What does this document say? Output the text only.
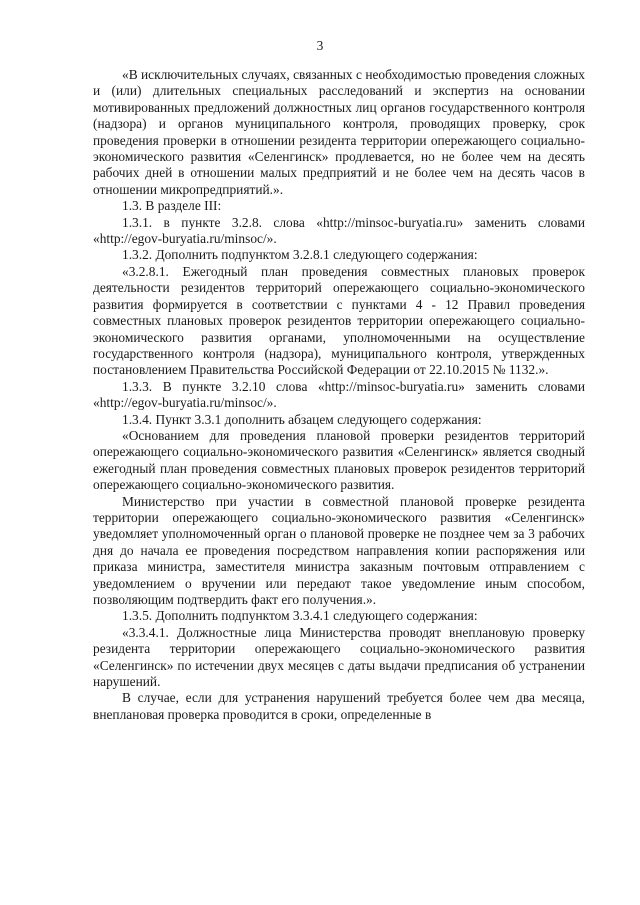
3

«В исключительных случаях, связанных с необходимостью проведения сложных и (или) длительных специальных расследований и экспертиз на основании мотивированных предложений должностных лиц органов государственного контроля (надзора) и органов муниципального контроля, проводящих проверку, срок проведения проверки в отношении резидента территории опережающего социально-экономического развития «Селенгинск» продлевается, но не более чем на десять рабочих дней в отношении малых предприятий и не более чем на десять часов в отношении микропредприятий.».

1.3. В разделе III:

1.3.1. в пункте 3.2.8. слова «http://minsoc-buryatia.ru» заменить словами «http://egov-buryatia.ru/minsoc/».

1.3.2. Дополнить подпунктом 3.2.8.1 следующего содержания:

«3.2.8.1. Ежегодный план проведения совместных плановых проверок деятельности резидентов территорий опережающего социально-экономического развития формируется в соответствии с пунктами 4 - 12 Правил проведения совместных плановых проверок резидентов территории опережающего социально-экономического развития органами, уполномоченными на осуществление государственного контроля (надзора), муниципального контроля, утвержденных постановлением Правительства Российской Федерации от 22.10.2015 № 1132.».

1.3.3. В пункте 3.2.10 слова «http://minsoc-buryatia.ru» заменить словами «http://egov-buryatia.ru/minsoc/».

1.3.4. Пункт 3.3.1 дополнить абзацем следующего содержания:

«Основанием для проведения плановой проверки резидентов территорий опережающего социально-экономического развития «Селенгинск» является сводный ежегодный план проведения совместных плановых проверок резидентов территорий опережающего социально-экономического развития.

Министерство при участии в совместной плановой проверке резидента территории опережающего социально-экономического развития «Селенгинск» уведомляет уполномоченный орган о плановой проверке не позднее чем за 3 рабочих дня до начала ее проведения посредством направления копии распоряжения или приказа министра, заместителя министра заказным почтовым отправлением с уведомлением о вручении или передают такое уведомление иным способом, позволяющим подтвердить факт его получения.».

1.3.5. Дополнить подпунктом 3.3.4.1 следующего содержания:

«3.3.4.1. Должностные лица Министерства проводят внеплановую проверку резидента территории опережающего социально-экономического развития «Селенгинск» по истечении двух месяцев с даты выдачи предписания об устранении нарушений.

В случае, если для устранения нарушений требуется более чем два месяца, внеплановая проверка проводится в сроки, определенные в
